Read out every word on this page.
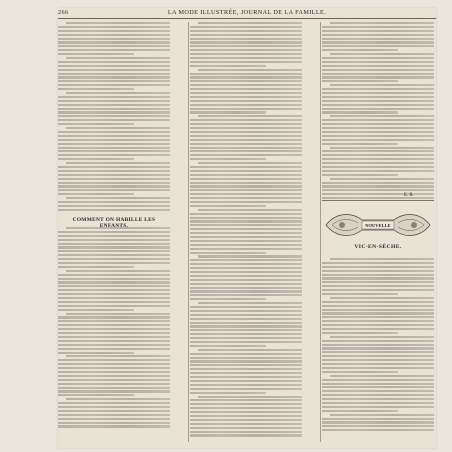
266	LA MODE ILLUSTRÉE, JOURNAL DE LA FAMILLE.
COMMENT ON HABILLE LES ENFANTS.
E. R.
NOUVELLE
VIC-EN-SÈCHE.
